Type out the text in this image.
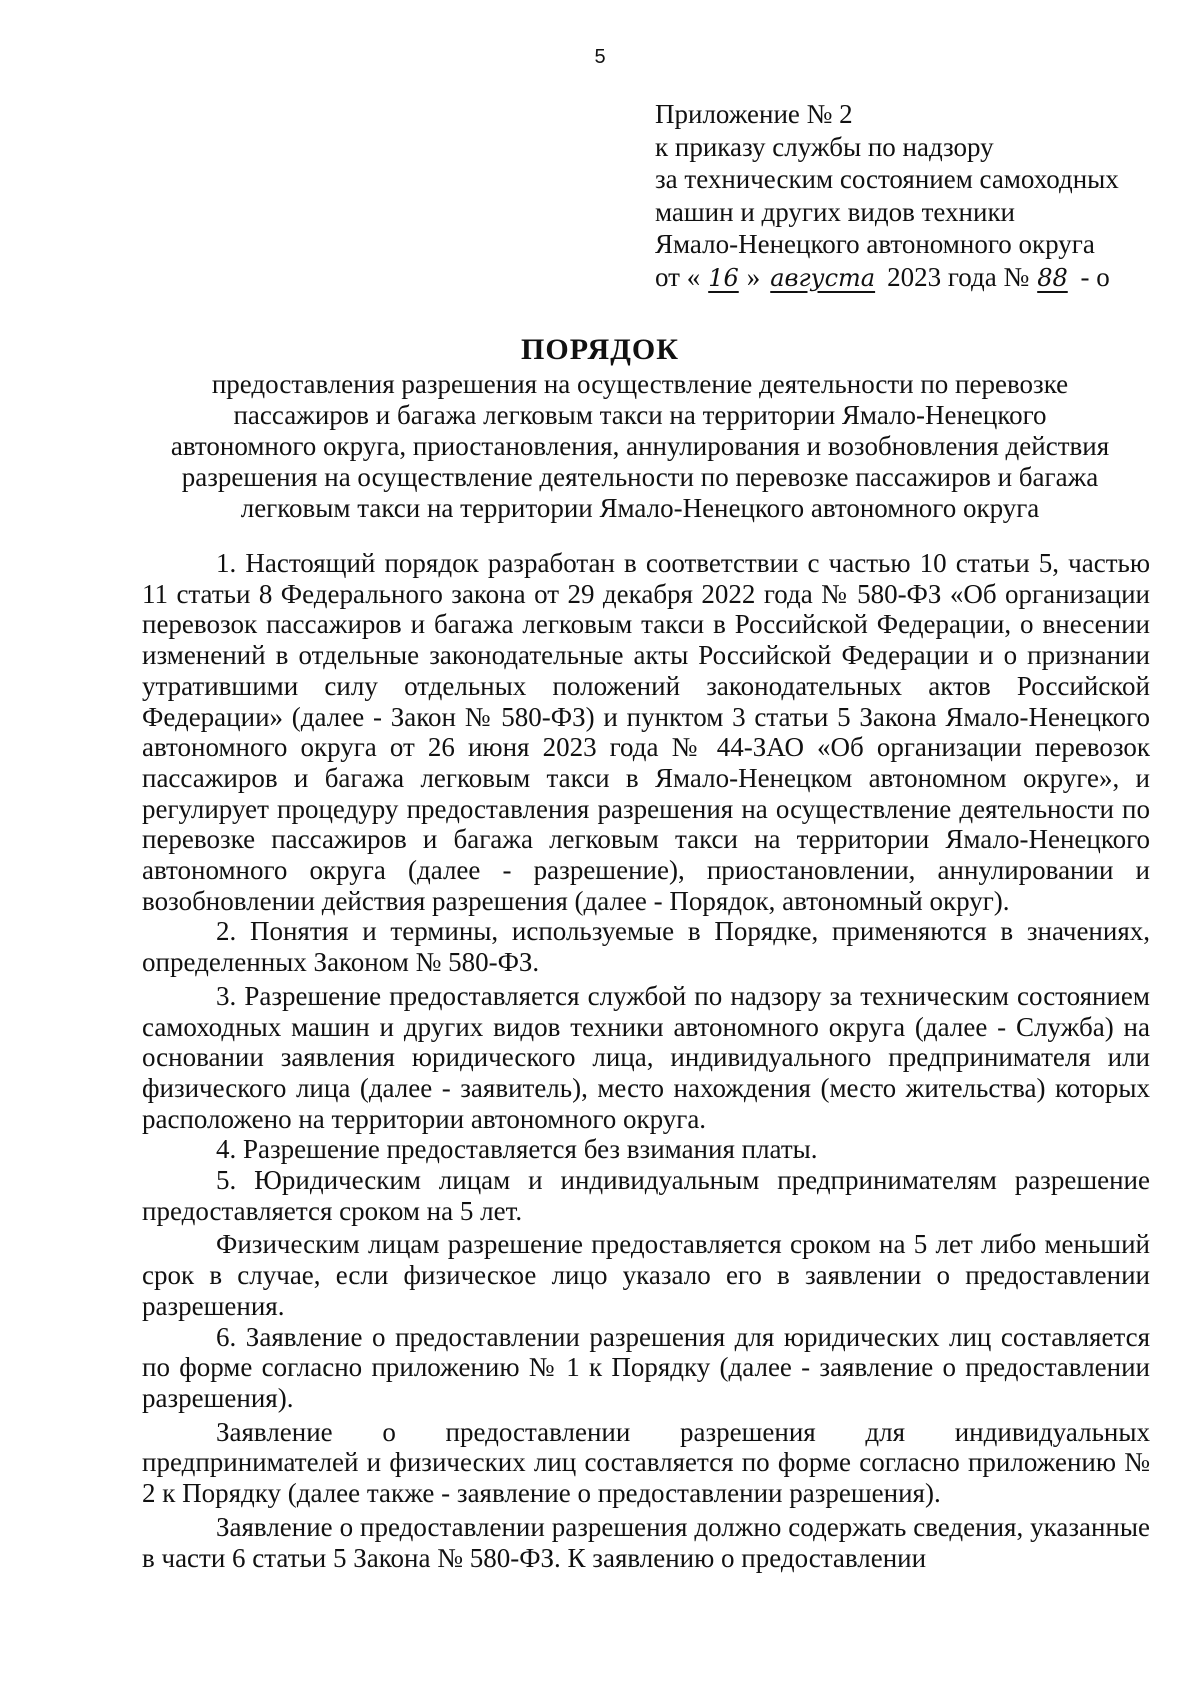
5
Приложение № 2
к приказу службы по надзору
за техническим состоянием самоходных
машин и других видов техники
Ямало-Ненецкого автономного округа
от « 16 » августа 2023 года № 88 - о
ПОРЯДОК
предоставления разрешения на осуществление деятельности по перевозке
пассажиров и багажа легковым такси на территории Ямало-Ненецкого
автономного округа, приостановления, аннулирования и возобновления действия
разрешения на осуществление деятельности по перевозке пассажиров и багажа
легковым такси на территории Ямало-Ненецкого автономного округа

1. Настоящий порядок разработан в соответствии с частью 10 статьи 5, частью 11 статьи 8 Федерального закона от 29 декабря 2022 года № 580-ФЗ «Об организации перевозок пассажиров и багажа легковым такси в Российской Федерации, о внесении изменений в отдельные законодательные акты Российской Федерации и о признании утратившими силу отдельных положений законодательных актов Российской Федерации» (далее - Закон № 580-ФЗ) и пунктом 3 статьи 5 Закона Ямало-Ненецкого автономного округа от 26 июня 2023 года № 44-ЗАО «Об организации перевозок пассажиров и багажа легковым такси в Ямало-Ненецком автономном округе», и регулирует процедуру предоставления разрешения на осуществление деятельности по перевозке пассажиров и багажа легковым такси на территории Ямало-Ненецкого автономного округа (далее - разрешение), приостановлении, аннулировании и возобновлении действия разрешения (далее - Порядок, автономный округ).

2. Понятия и термины, используемые в Порядке, применяются в значениях, определенных Законом № 580-ФЗ.

3. Разрешение предоставляется службой по надзору за техническим состоянием самоходных машин и других видов техники автономного округа (далее - Служба) на основании заявления юридического лица, индивидуального предпринимателя или физического лица (далее - заявитель), место нахождения (место жительства) которых расположено на территории автономного округа.

4. Разрешение предоставляется без взимания платы.

5. Юридическим лицам и индивидуальным предпринимателям разрешение предоставляется сроком на 5 лет.

Физическим лицам разрешение предоставляется сроком на 5 лет либо меньший срок в случае, если физическое лицо указало его в заявлении о предоставлении разрешения.

6. Заявление о предоставлении разрешения для юридических лиц составляется по форме согласно приложению № 1 к Порядку (далее - заявление о предоставлении разрешения).

Заявление о предоставлении разрешения для индивидуальных предпринимателей и физических лиц составляется по форме согласно приложению № 2 к Порядку (далее также - заявление о предоставлении разрешения).

Заявление о предоставлении разрешения должно содержать сведения, указанные в части 6 статьи 5 Закона № 580-ФЗ. К заявлению о предоставлении
